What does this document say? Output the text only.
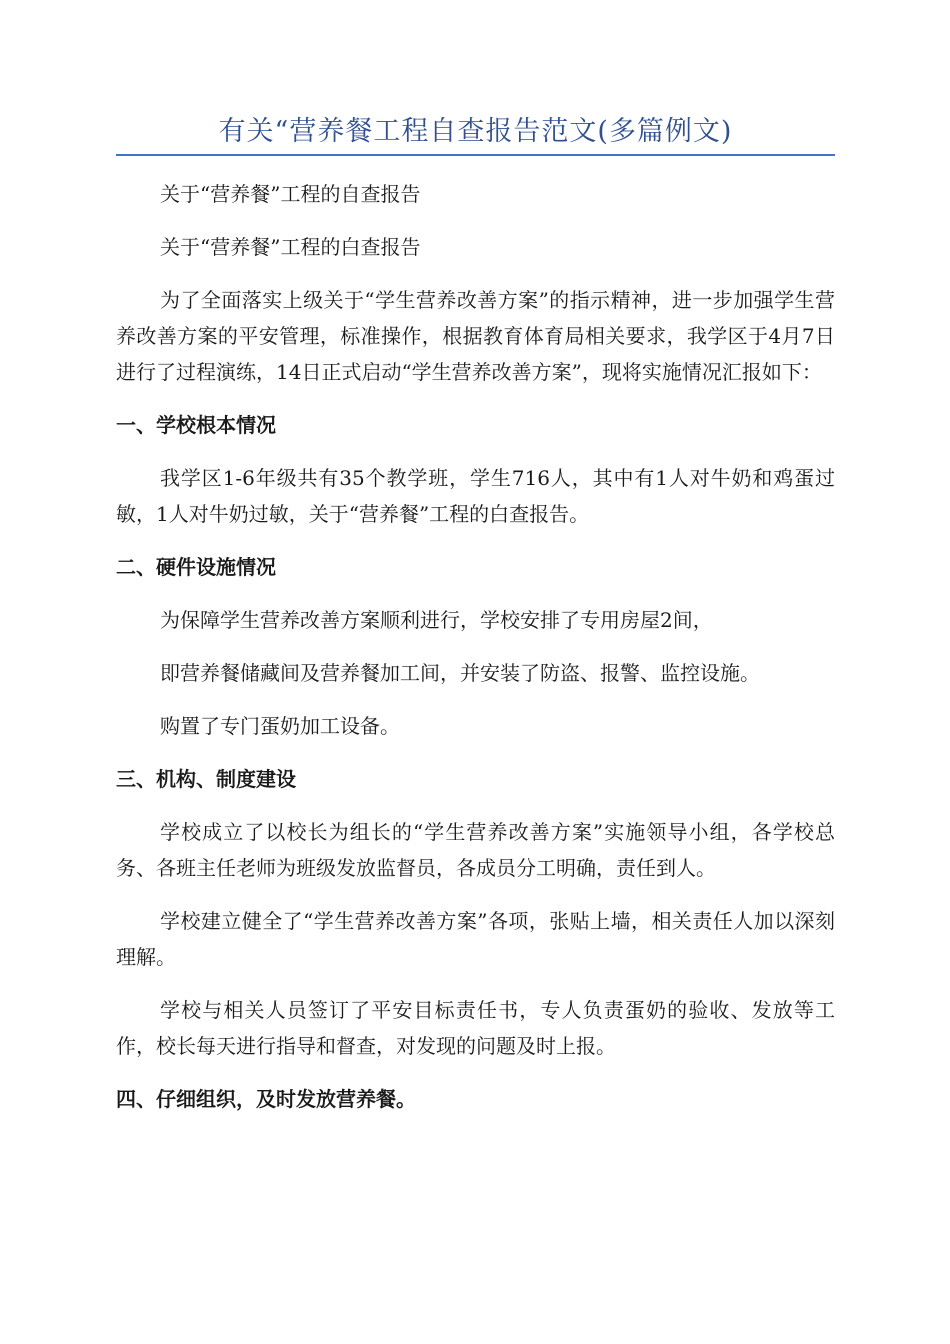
有关“营养餐工程自查报告范文(多篇例文)

关于“营养餐”工程的自查报告

关于“营养餐”工程的白查报告

为了全面落实上级关于“学生营养改善方案”的指示精神，进一步加强学生营养改善方案的平安管理，标准操作，根据教育体育局相关要求，我学区于4月7日进行了过程演练，14日正式启动“学生营养改善方案”，现将实施情况汇报如下：

一、学校根本情况

我学区1-6年级共有35个教学班，学生716人，其中有1人对牛奶和鸡蛋过敏，1人对牛奶过敏，关于“营养餐”工程的白查报告。

二、硬件设施情况

为保障学生营养改善方案顺利进行，学校安排了专用房屋2间，

即营养餐储藏间及营养餐加工间，并安装了防盗、报警、监控设施。

购置了专门蛋奶加工设备。

三、机构、制度建设

学校成立了以校长为组长的“学生营养改善方案”实施领导小组，各学校总务、各班主任老师为班级发放监督员，各成员分工明确，责任到人。

学校建立健全了“学生营养改善方案”各项，张贴上墙，相关责任人加以深刻理解。

学校与相关人员签订了平安目标责任书，专人负责蛋奶的验收、发放等工作，校长每天进行指导和督查，对发现的问题及时上报。

四、仔细组织，及时发放营养餐。
